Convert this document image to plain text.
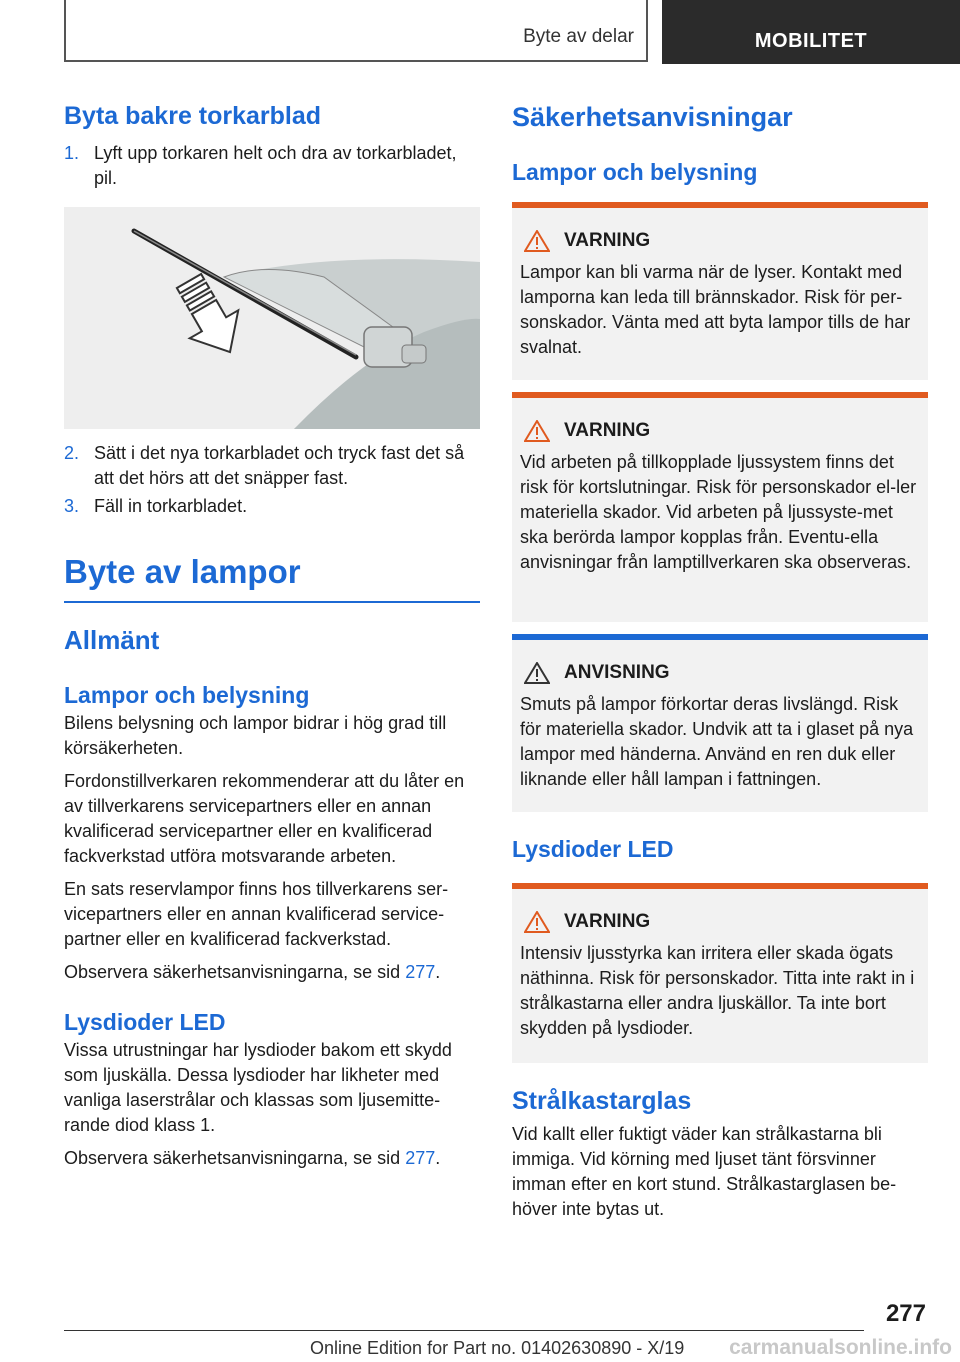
Byte av delar	MOBILITET
Byta bakre torkarblad
1. Lyft upp torkaren helt och dra av torkarbladet, pil.
2. Sätt i det nya torkarbladet och tryck fast det så att det hörs att det snäpper fast.
3. Fäll in torkarbladet.
Byte av lampor
Allmänt
Lampor och belysning

Bilens belysning och lampor bidrar i hög grad till körsäkerheten.

Fordonstillverkaren rekommenderar att du låter en av tillverkarens servicepartners eller en annan kvalificerad servicepartner eller en kvalificerad fackverkstad utföra motsvarande arbeten.

En sats reservlampor finns hos tillverkarens ser-vicepartners eller en annan kvalificerad service-partner eller en kvalificerad fackverkstad.

Observera säkerhetsanvisningarna, se sid 277.

Lysdioder LED

Vissa utrustningar har lysdioder bakom ett skydd som ljuskälla. Dessa lysdioder har likheter med vanliga laserstrålar och klassas som ljusemitte-rande diod klass 1.

Observera säkerhetsanvisningarna, se sid 277.

Säkerhetsanvisningar
Lampor och belysning
VARNING

Lampor kan bli varma när de lyser. Kontakt med lamporna kan leda till brännskador. Risk för per-sonskador. Vänta med att byta lampor tills de har svalnat.

VARNING

Vid arbeten på tillkopplade ljussystem finns det risk för kortslutningar. Risk för personskador el-ler materiella skador. Vid arbeten på ljussyste-met ska berörda lampor kopplas från. Eventu-ella anvisningar från lamptillverkaren ska observeras.

ANVISNING

Smuts på lampor förkortar deras livslängd. Risk för materiella skador. Undvik att ta i glaset på nya lampor med händerna. Använd en ren duk eller liknande eller håll lampan i fattningen.

Lysdioder LED
VARNING

Intensiv ljusstyrka kan irritera eller skada ögats näthinna. Risk för personskador. Titta inte rakt in i strålkastarna eller andra ljuskällor. Ta inte bort skydden på lysdioder.

Strålkastarglas

Vid kallt eller fuktigt väder kan strålkastarna bli immiga. Vid körning med ljuset tänt försvinner imman efter en kort stund. Strålkastarglasen be-höver inte bytas ut.

277
Online Edition for Part no. 01402630890 - X/19 carmanualsonline.info
